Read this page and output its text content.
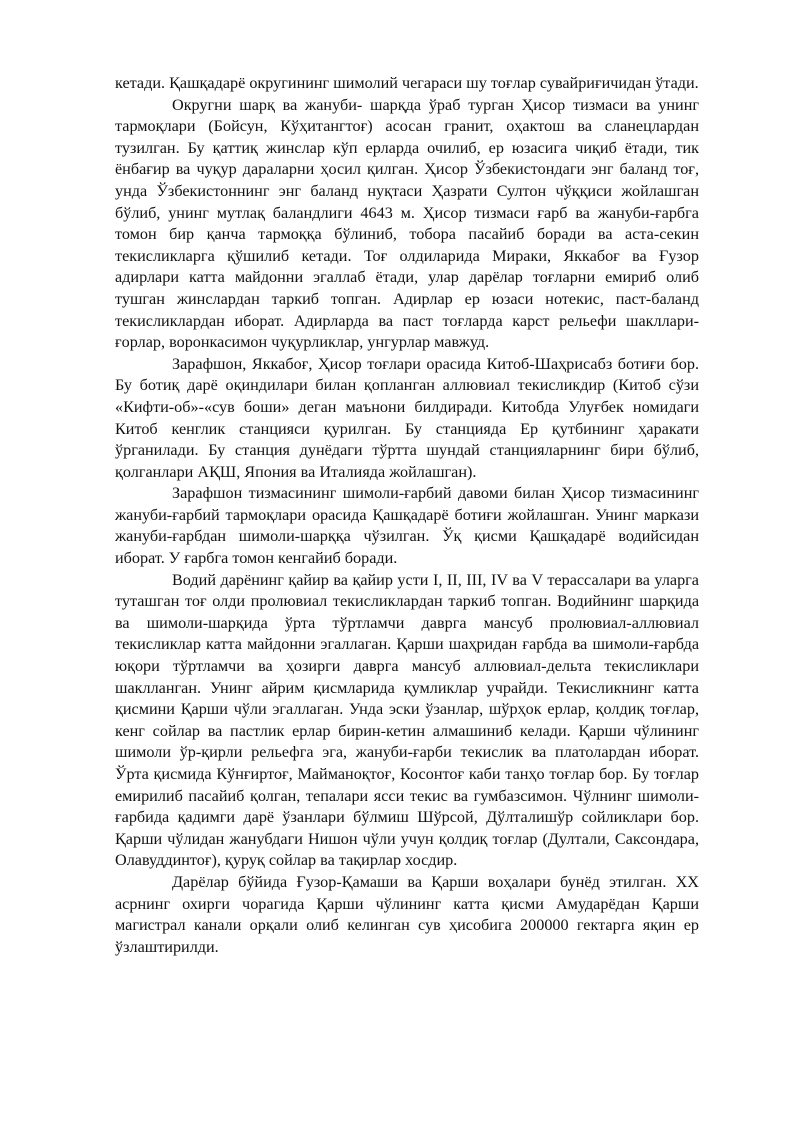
кетади. Қашқадарё округининг шимолий чегараси шу тоғлар сувайриғичидан ўтади.

Округни шарқ ва жануби- шарқда ўраб турган Ҳисор тизмаси ва унинг тармоқлари (Бойсун, Кўҳитангтоғ) асосан гранит, оҳактош ва сланецлардан тузилган. Бу қаттиқ жинслар кўп ерларда очилиб, ер юзасига чиқиб ётади, тик ёнбағир ва чуқур дараларни ҳосил қилган. Ҳисор Ўзбекистондаги энг баланд тоғ, унда Ўзбекистоннинг энг баланд нуқтаси Ҳазрати Султон чўққиси жойлашган бўлиб, унинг мутлақ баландлиги 4643 м. Ҳисор тизмаси ғарб ва жануби-ғарбга томон бир қанча тармоққа бўлиниб, тобора пасайиб боради ва аста-секин текисликларга қўшилиб кетади. Тоғ олдиларида Мираки, Яккабоғ ва Ғузор адирлари катта майдонни эгаллаб ётади, улар дарёлар тоғларни емириб олиб тушган жинслардан таркиб топган. Адирлар ер юзаси нотекис, паст-баланд текисликлардан иборат. Адирларда ва паст тоғларда карст рельефи шакллари-ғорлар, воронкасимон чуқурликлар, унгурлар мавжуд.

Зарафшон, Яккабоғ, Ҳисор тоғлари орасида Китоб-Шаҳрисабз ботиғи бор. Бу ботиқ дарё оқиндилари билан қопланган аллювиал текисликдир (Китоб сўзи «Кифти-об»-«сув боши» деган маънони билдиради. Китобда Улуғбек номидаги Китоб кенглик станцияси қурилган. Бу станцияда Ер қутбининг ҳаракати ўрганилади. Бу станция дунёдаги тўртта шундай станцияларнинг бири бўлиб, қолганлари АҚШ, Япония ва Италияда жойлашган).

Зарафшон тизмасининг шимоли-ғарбий давоми билан Ҳисор тизмасининг жануби-ғарбий тармоқлари орасида Қашқадарё ботиғи жойлашган. Унинг маркази жануби-ғарбдан шимоли-шарққа чўзилган. Ўқ қисми Қашқадарё водийсидан иборат. У ғарбга томон кенгайиб боради.

Водий дарёнинг қайир ва қайир усти I, II, III, IV ва V терассалари ва уларга туташган тоғ олди пролювиал текисликлардан таркиб топган. Водийнинг шарқида ва шимоли-шарқида ўрта тўртламчи даврга мансуб пролювиал-аллювиал текисликлар катта майдонни эгаллаган. Қарши шаҳридан ғарбда ва шимоли-ғарбда юқори тўртламчи ва ҳозирги даврга мансуб аллювиал-дельта текисликлари шаклланган. Унинг айрим қисмларида қумликлар учрайди. Текисликнинг катта қисмини Қарши чўли эгаллаган. Унда эски ўзанлар, шўрҳок ерлар, қолдиқ тоғлар, кенг сойлар ва пастлик ерлар бирин-кетин алмашиниб келади. Қарши чўлининг шимоли ўр-қирли рельефга эга, жануби-ғарби текислик ва платолардан иборат. Ўрта қисмида Кўнғиртоғ, Майманоқтоғ, Косонтоғ каби танҳо тоғлар бор. Бу тоғлар емирилиб пасайиб қолган, тепалари ясси текис ва гумбазсимон. Чўлнинг шимоли-ғарбида қадимги дарё ўзанлари бўлмиш Шўрсой, Дўлталишўр сойликлари бор. Қарши чўлидан жанубдаги Нишон чўли учун қолдиқ тоғлар (Дултали, Саксондара, Олавуддинтоғ), қуруқ сойлар ва тақирлар хосдир.

Дарёлар бўйида Ғузор-Қамаши ва Қарши воҳалари бунёд этилган. XX асрнинг охирги чорагида Қарши чўлининг катта қисми Амударёдан Қарши магистрал канали орқали олиб келинган сув ҳисобига 200000 гектарга яқин ер ўзлаштирилди.
